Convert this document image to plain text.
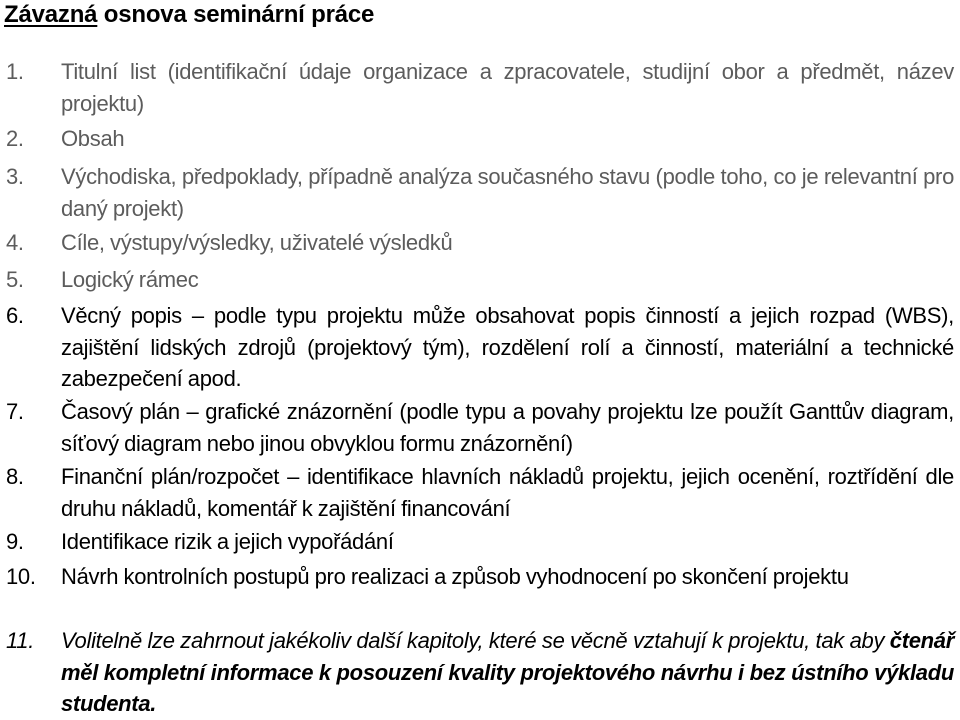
Závazná osnova seminární práce
1. Titulní list (identifikační údaje organizace a zpracovatele, studijní obor a předmět, název projektu)
2. Obsah
3. Východiska, předpoklady, případně analýza současného stavu (podle toho, co je relevantní pro daný projekt)
4. Cíle, výstupy/výsledky, uživatelé výsledků
5. Logický rámec
6. Věcný popis – podle typu projektu může obsahovat popis činností a jejich rozpad (WBS), zajištění lidských zdrojů (projektový tým), rozdělení rolí a činností, materiální a technické zabezpečení apod.
7. Časový plán – grafické znázornění (podle typu a povahy projektu lze použít Ganttův diagram, síťový diagram nebo jinou obvyklou formu znázornění)
8. Finanční plán/rozpočet – identifikace hlavních nákladů projektu, jejich ocenění, roztřídění dle druhu nákladů, komentář k zajištění financování
9. Identifikace rizik a jejich vypořádání
10. Návrh kontrolních postupů pro realizaci a způsob vyhodnocení po skončení projektu
11. Volitelně lze zahrnout jakékoliv další kapitoly, které se věcně vztahují k projektu, tak aby čtenář měl kompletní informace k posouzení kvality projektového návrhu i bez ústního výkladu studenta.
